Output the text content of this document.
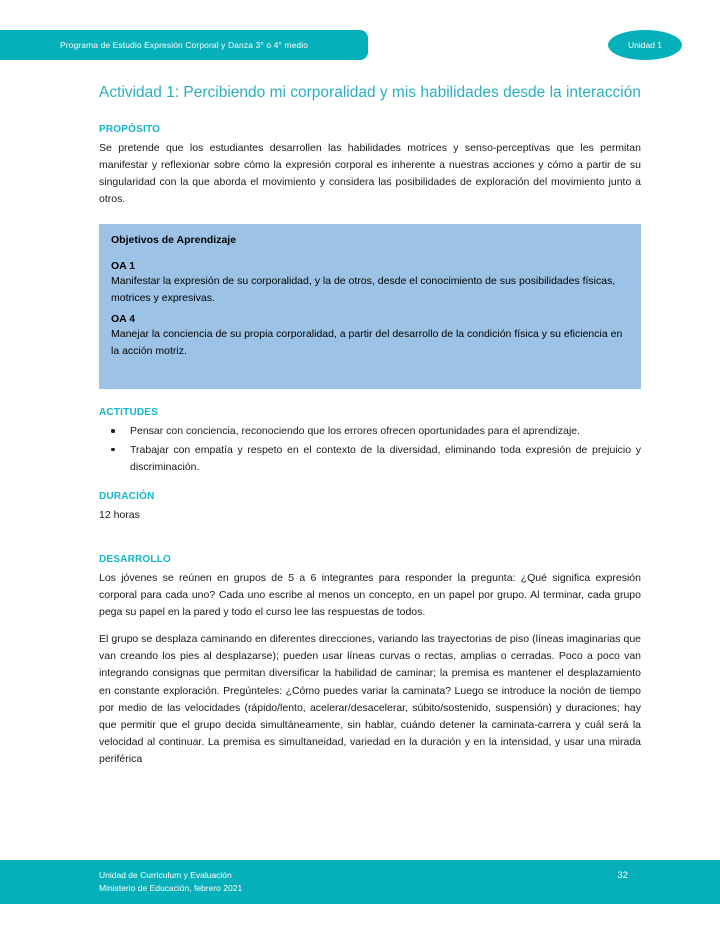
Programa de Estudio Expresión Corporal y Danza 3° o 4° medio	Unidad 1
Actividad 1: Percibiendo mi corporalidad y mis habilidades desde la interacción
PROPÓSITO

Se pretende que los estudiantes desarrollen las habilidades motrices y senso-perceptivas que les permitan manifestar y reflexionar sobre cómo la expresión corporal es inherente a nuestras acciones y cómo a partir de su singularidad con la que aborda el movimiento y considera las posibilidades de exploración del movimiento junto a otros.

Objetivos de Aprendizaje
OA 1

Manifestar la expresión de su corporalidad, y la de otros, desde el conocimiento de sus posibilidades físicas, motrices y expresivas.

OA 4

Manejar la conciencia de su propia corporalidad, a partir del desarrollo de la condición física y su eficiencia en la acción motriz.

ACTITUDES
Pensar con conciencia, reconociendo que los errores ofrecen oportunidades para el aprendizaje.
Trabajar con empatía y respeto en el contexto de la diversidad, eliminando toda expresión de prejuicio y discriminación.
DURACIÓN

12 horas

DESARROLLO

Los jóvenes se reúnen en grupos de 5 a 6 integrantes para responder la pregunta: ¿Qué significa expresión corporal para cada uno? Cada uno escribe al menos un concepto, en un papel por grupo. Al terminar, cada grupo pega su papel en la pared y todo el curso lee las respuestas de todos.

El grupo se desplaza caminando en diferentes direcciones, variando las trayectorias de piso (líneas imaginarias que van creando los pies al desplazarse); pueden usar líneas curvas o rectas, amplias o cerradas. Poco a poco van integrando consignas que permitan diversificar la habilidad de caminar; la premisa es mantener el desplazamiento en constante exploración. Pregúnteles: ¿Cómo puedes variar la caminata? Luego se introduce la noción de tiempo por medio de las velocidades (rápido/lento, acelerar/desacelerar, súbito/sostenido, suspensión) y duraciones; hay que permitir que el grupo decida simultáneamente, sin hablar, cuándo detener la caminata-carrera y cuál será la velocidad al continuar. La premisa es simultaneidad, variedad en la duración y en la intensidad, y usar una mirada periférica

Unidad de Curriculum y Evaluación
Ministerio de Educación, febrero 2021
32
